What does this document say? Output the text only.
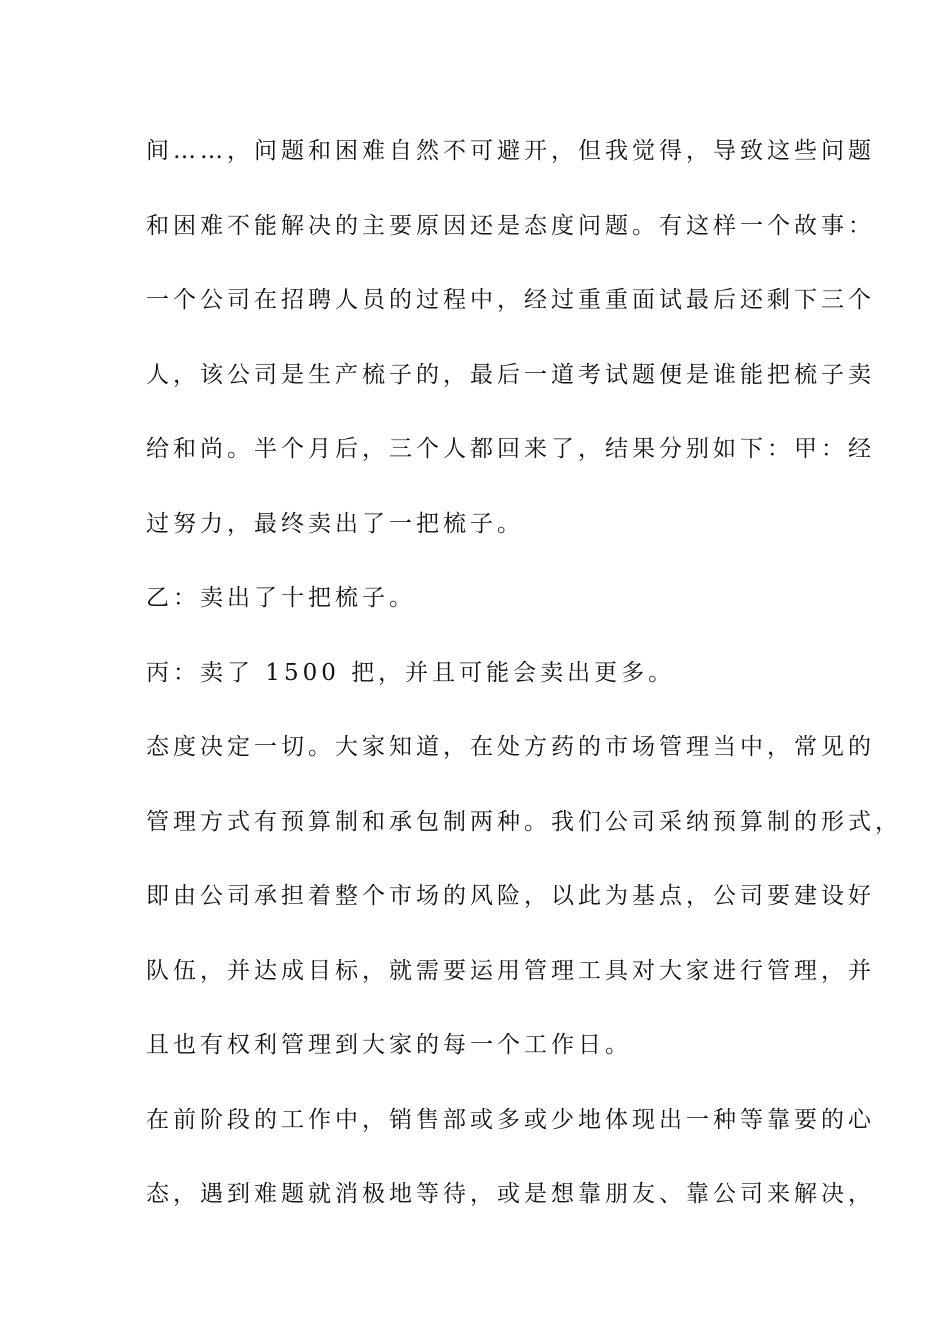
间……，问题和困难自然不可避开，但我觉得，导致这些问题
和困难不能解决的主要原因还是态度问题。有这样一个故事：
一个公司在招聘人员的过程中，经过重重面试最后还剩下三个
人，该公司是生产梳子的，最后一道考试题便是谁能把梳子卖
给和尚。半个月后，三个人都回来了，结果分别如下：甲：经
过努力，最终卖出了一把梳子。
乙：卖出了十把梳子。
丙：卖了 1500 把，并且可能会卖出更多。
态度决定一切。大家知道，在处方药的市场管理当中，常见的
管理方式有预算制和承包制两种。我们公司采纳预算制的形式，
即由公司承担着整个市场的风险，以此为基点，公司要建设好
队伍，并达成目标，就需要运用管理工具对大家进行管理，并
且也有权利管理到大家的每一个工作日。
在前阶段的工作中，销售部或多或少地体现出一种等靠要的心
态，遇到难题就消极地等待，或是想靠朋友、靠公司来解决，
